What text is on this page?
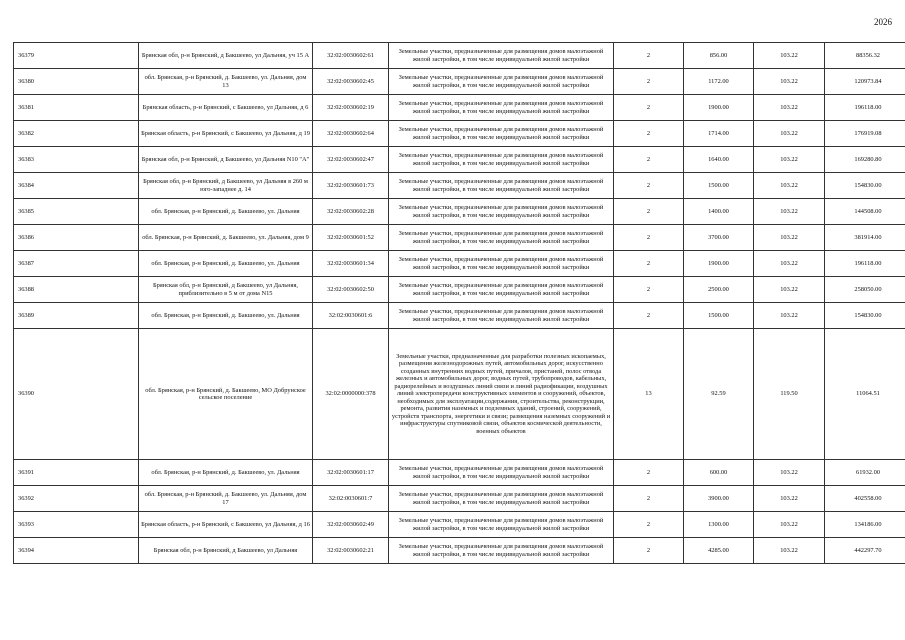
2026
36379	Брянская обл, р-н Брянский, д Бакшеево, ул Дальняя, уч 15 А	32:02:0030602:61	Земельные участки, предназначенные для размещения домов малоэтажной жилой застройки, в том числе индивидуальной жилой застройки	2	856.00	103.22	88356.32
36380	обл. Брянская, р-н Брянский, д. Бакшеево, ул. Дальняя, дом 13	32:02:0030602:45	Земельные участки, предназначенные для размещения домов малоэтажной жилой застройки, в том числе индивидуальной жилой застройки	2	1172.00	103.22	120973.84
36381	Брянская область, р-н Брянский, с Бакшеево, ул Дальняя, д 6	32:02:0030602:19	Земельные участки, предназначенные для размещения домов малоэтажной жилой застройки, в том числе индивидуальной жилой застройки	2	1900.00	103.22	196118.00
36382	Брянская область, р-н Брянский, с Бакшеево, ул Дальняя, д 19	32:02:0030602:64	Земельные участки, предназначенные для размещения домов малоэтажной жилой застройки, в том числе индивидуальной жилой застройки	2	1714.00	103.22	176919.08
36383	Брянская обл, р-н Брянский, д Бакшеево, ул Дальняя N10 "А"	32:02:0030602:47	Земельные участки, предназначенные для размещения домов малоэтажной жилой застройки, в том числе индивидуальной жилой застройки	2	1640.00	103.22	169280.80
36384	Брянская обл, р-н Брянский, д Бакшеево, ул Дальняя в 260 м юго-западнее д. 14	32:02:0030601:73	Земельные участки, предназначенные для размещения домов малоэтажной жилой застройки, в том числе индивидуальной жилой застройки	2	1500.00	103.22	154830.00
36385	обл. Брянская, р-н Брянский, д. Бакшеево, ул. Дальняя	32:02:0030602:28	Земельные участки, предназначенные для размещения домов малоэтажной жилой застройки, в том числе индивидуальной жилой застройки	2	1400.00	103.22	144508.00
36386	обл. Брянская, р-н Брянский, д. Бакшеево, ул. Дальняя, дом 9	32:02:0030601:52	Земельные участки, предназначенные для размещения домов малоэтажной жилой застройки, в том числе индивидуальной жилой застройки	2	3700.00	103.22	381914.00
36387	обл. Брянская, р-н Брянский, д. Бакшеево, ул. Дальняя	32:02:0030601:34	Земельные участки, предназначенные для размещения домов малоэтажной жилой застройки, в том числе индивидуальной жилой застройки	2	1900.00	103.22	196118.00
36388	Брянская обл, р-н Брянский, д Бакшеево, ул Дальняя, приблизительно в 5 м от дома N15	32:02:0030602:50	Земельные участки, предназначенные для размещения домов малоэтажной жилой застройки, в том числе индивидуальной жилой застройки	2	2500.00	103.22	258050.00
36389	обл. Брянская, р-н Брянский, д. Бакшеево, ул. Дальняя	32:02:0030601:6	Земельные участки, предназначенные для размещения домов малоэтажной жилой застройки, в том числе индивидуальной жилой застройки	2	1500.00	103.22	154830.00
36390	обл. Брянская, р-н Брянский, д. Бакшеево, МО Добрунское сельское поселение	32:02:0000000:378	Земельные участки, предназначенные для разработки полезных ископаемых, размещения железнодорожных путей, автомобильных дорог, искусственно созданных внутренних водных путей, причалов, пристаней, полос отвода железных и автомобильных дорог, водных путей, трубопроводов, кабельных, радиорелейных и воздушных линий связи и линий радиофикации, воздушных линий электропередачи конструктивных элементов и сооружений, объектов, необходимых для эксплуатации,содержания, строительства, реконструкции, ремонта, развития наземных и подземных зданий, строений, сооружений, устройств транспорта, энергетики и связи; размещения наземных сооружений и инфраструктуры спутниковой связи, объектов космической деятельности, военных объектов	13	92.59	119.50	11064.51
36391	обл. Брянская, р-н Брянский, д. Бакшеево, ул. Дальняя	32:02:0030601:17	Земельные участки, предназначенные для размещения домов малоэтажной жилой застройки, в том числе индивидуальной жилой застройки	2	600.00	103.22	61932.00
36392	обл. Брянская, р-н Брянский, д. Бакшеево, ул. Дальняя, дом 17	32:02:0030601:7	Земельные участки, предназначенные для размещения домов малоэтажной жилой застройки, в том числе индивидуальной жилой застройки	2	3900.00	103.22	402558.00
36393	Брянская область, р-н Брянский, с Бакшеево, ул Дальняя, д 16	32:02:0030602:49	Земельные участки, предназначенные для размещения домов малоэтажной жилой застройки, в том числе индивидуальной жилой застройки	2	1300.00	103.22	134186.00
36394	Брянская обл, р-н Брянский, д Бакшеево, ул Дальняя	32:02:0030602:21	Земельные участки, предназначенные для размещения домов малоэтажной жилой застройки, в том числе индивидуальной жилой застройки	2	4285.00	103.22	442297.70
